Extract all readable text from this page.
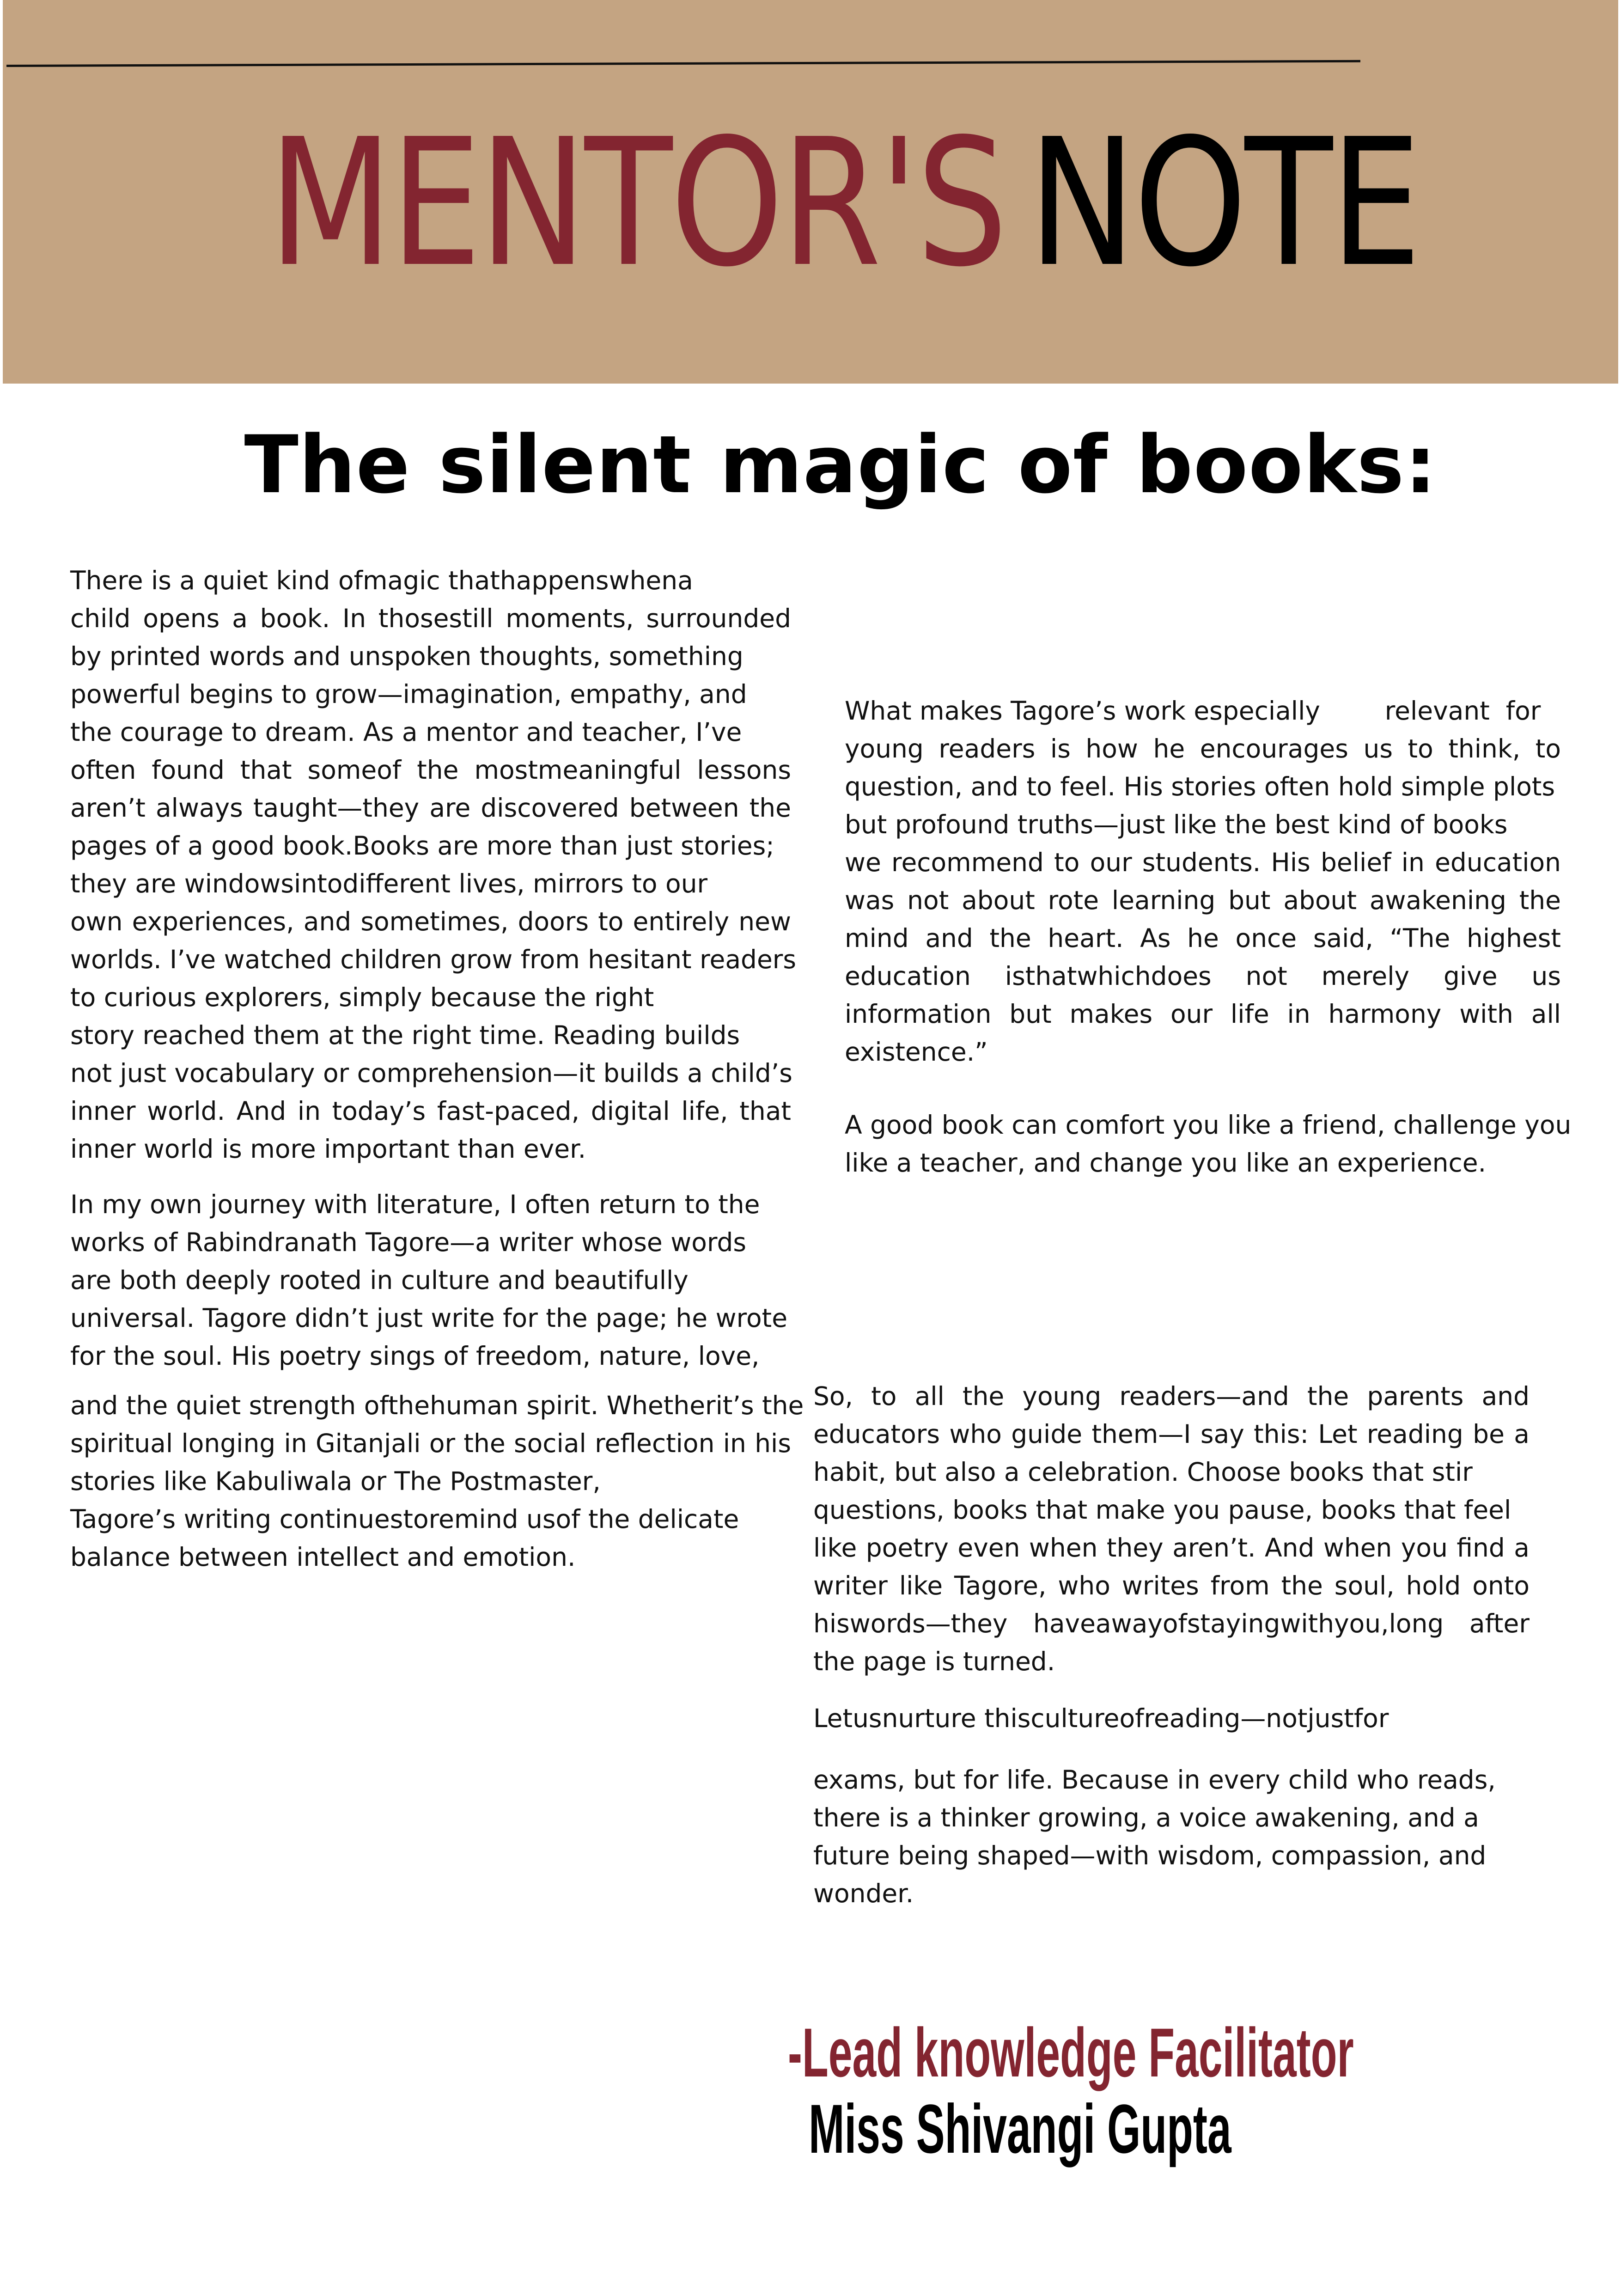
MENTOR'S NOTE
The silent magic of books:
There is a quiet kind ofmagic thathappenswhena
child opens a book. In thosestill moments, surrounded
by printed words and unspoken thoughts, something
powerful begins to grow—imagination, empathy, and
the courage to dream. As a mentor and teacher, I’ve
often found that someof the mostmeaningful lessons
aren’t always taught—they are discovered between the
pages of a good book.Books are more than just stories;
they are windowsintodifferent lives, mirrors to our
own experiences, and sometimes, doors to entirely new
worlds. I’ve watched children grow from hesitant readers
to curious explorers, simply because the right
story reached them at the right time. Reading builds
not just vocabulary or comprehension—it builds a child’s
inner world. And in today’s fast-paced, digital life, that
inner world is more important than ever.
In my own journey with literature, I often return to the
works of Rabindranath Tagore—a writer whose words
are both deeply rooted in culture and beautifully
universal. Tagore didn’t just write for the page; he wrote
for the soul. His poetry sings of freedom, nature, love,
and the quiet strength ofthehuman spirit. Whetherit’s the
spiritual longing in Gitanjali or the social reflection in his
stories like Kabuliwala or The Postmaster,
Tagore’s writing continuestoremind usof the delicate
balance between intellect and emotion.
What makes Tagore’s work especially        relevant  for
young readers is how he encourages us to think, to
question, and to feel. His stories often hold simple plots
but profound truths—just like the best kind of books
we recommend to our students. His belief in education
was not about rote learning but about awakening the
mind and the heart. As he once said, “The highest
education isthatwhichdoes not merely give us
information but makes our life in harmony with all
existence.”
A good book can comfort you like a friend, challenge you
like a teacher, and change you like an experience.
So, to all the young readers—and the parents and
educators who guide them—I say this: Let reading be a
habit, but also a celebration. Choose books that stir
questions, books that make you pause, books that feel
like poetry even when they aren’t. And when you find a
writer like Tagore, who writes from the soul, hold onto
hiswords—they haveawayofstayingwithyou,long after
the page is turned.
Letusnurture thiscultureofreading—notjustfor
exams, but for life. Because in every child who reads,
there is a thinker growing, a voice awakening, and a
future being shaped—with wisdom, compassion, and
wonder.
-Lead knowledge Facilitator
Miss Shivangi Gupta
